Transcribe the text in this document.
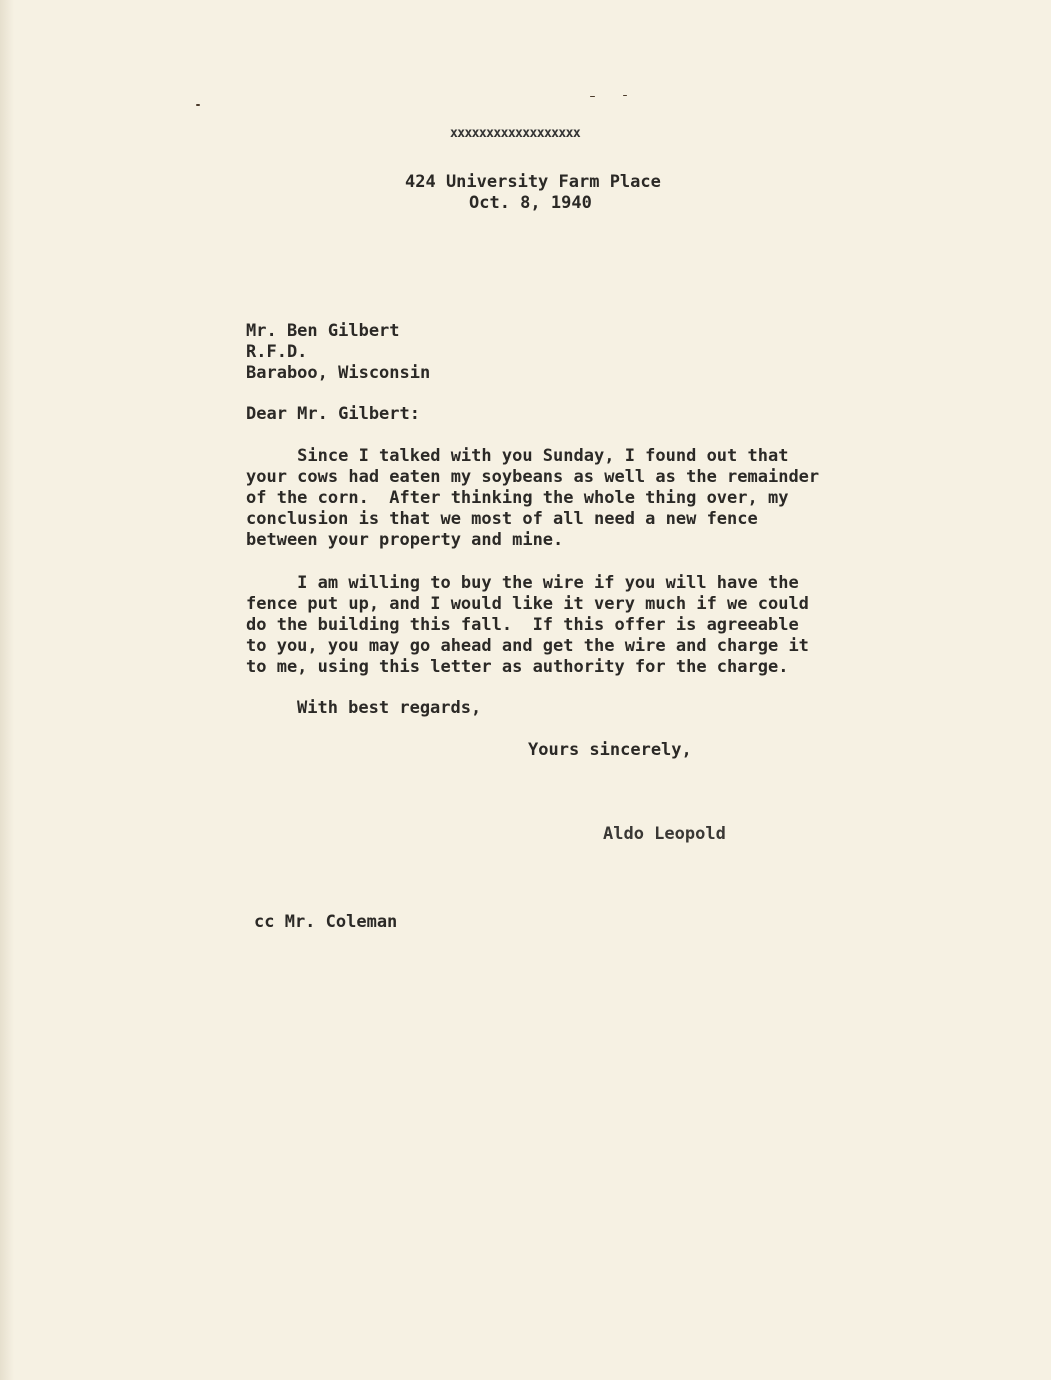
xxxxxxxxxxxxxxxxxx
424 University Farm Place
Oct. 8, 1940
Mr. Ben Gilbert
R.F.D.
Baraboo, Wisconsin
Dear Mr. Gilbert:
Since I talked with you Sunday, I found out that
your cows had eaten my soybeans as well as the remainder
of the corn.  After thinking the whole thing over, my
conclusion is that we most of all need a new fence
between your property and mine.
I am willing to buy the wire if you will have the
fence put up, and I would like it very much if we could
do the building this fall.  If this offer is agreeable
to you, you may go ahead and get the wire and charge it
to me, using this letter as authority for the charge.
With best regards,
Yours sincerely,
Aldo Leopold
cc Mr. Coleman
